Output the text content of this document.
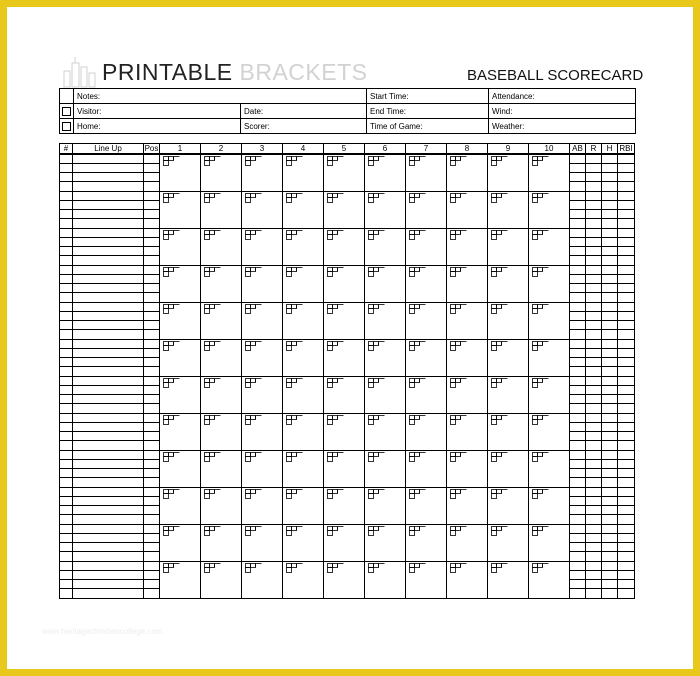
PRINTABLE BRACKETS	BASEBALL SCORECARD
	Notes:		Start Time:	Attendance:
	Visitor:	Date:	End Time:	Wind:
	Home:	Scorer:	Time of Game:	Weather:
#	Line Up	Pos	1	2	3	4	5	6	7	8	9	10	AB	R	H	RBI

www.heritagechristiancollege.com
